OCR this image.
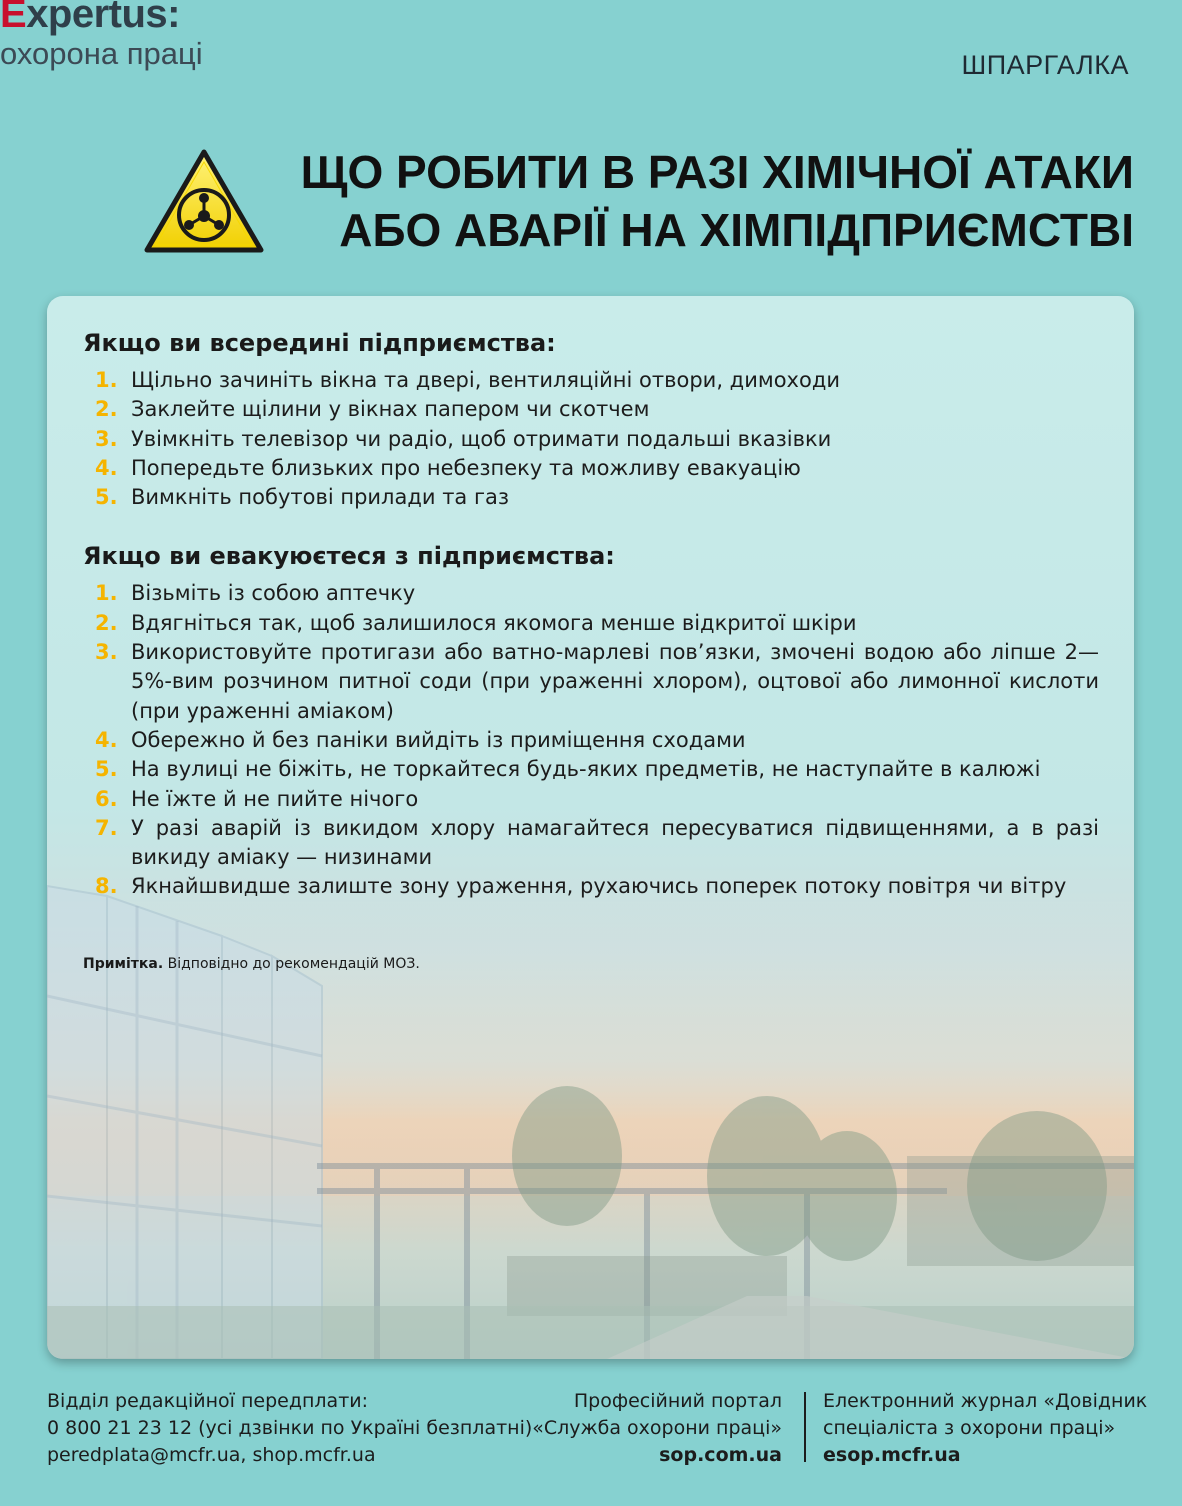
Expertus:
охорона праці	ШПАРГАЛКА
ЩО РОБИТИ В РАЗІ ХІМІЧНОЇ АТАКИ
АБО АВАРІЇ НА ХІМПІДПРИЄМСТВІ
Якщо ви всередині підприємства:
1. Щільно зачиніть вікна та двері, вентиляційні отвори, димоходи
2. Заклейте щілини у вікнах папером чи скотчем
3. Увімкніть телевізор чи радіо, щоб отримати подальші вказівки
4. Попередьте близьких про небезпеку та можливу евакуацію
5. Вимкніть побутові прилади та газ
Якщо ви евакуюєтеся з підприємства:
1. Візьміть із собою аптечку
2. Вдягніться так, щоб залишилося якомога менше відкритої шкіри
3. Використовуйте протигази або ватно-марлеві пов’язки, змочені водою або ліпше 2—5%-вим розчином питної соди (при ураженні хлором), оцтової або лимонної кислоти (при ураженні аміаком)
4. Обережно й без паніки вийдіть із приміщення сходами
5. На вулиці не біжіть, не торкайтеся будь-яких предметів, не наступайте в калюжі
6. Не їжте й не пийте нічого
7. У разі аварій із викидом хлору намагайтеся пересуватися підвищеннями, а в разі викиду аміаку — низинами
8. Якнайшвидше залиште зону ураження, рухаючись поперек потоку повітря чи вітру
Примітка. Відповідно до рекомендацій МОЗ.
Відділ редакційної передплати:
0 800 21 23 12 (усі дзвінки по Україні безплатні)
peredplata@mcfr.ua, shop.mcfr.ua
Професійний портал
«Служба охорони праці»
sop.com.ua
Електронний журнал «Довідник
спеціаліста з охорони праці»
esop.mcfr.ua
